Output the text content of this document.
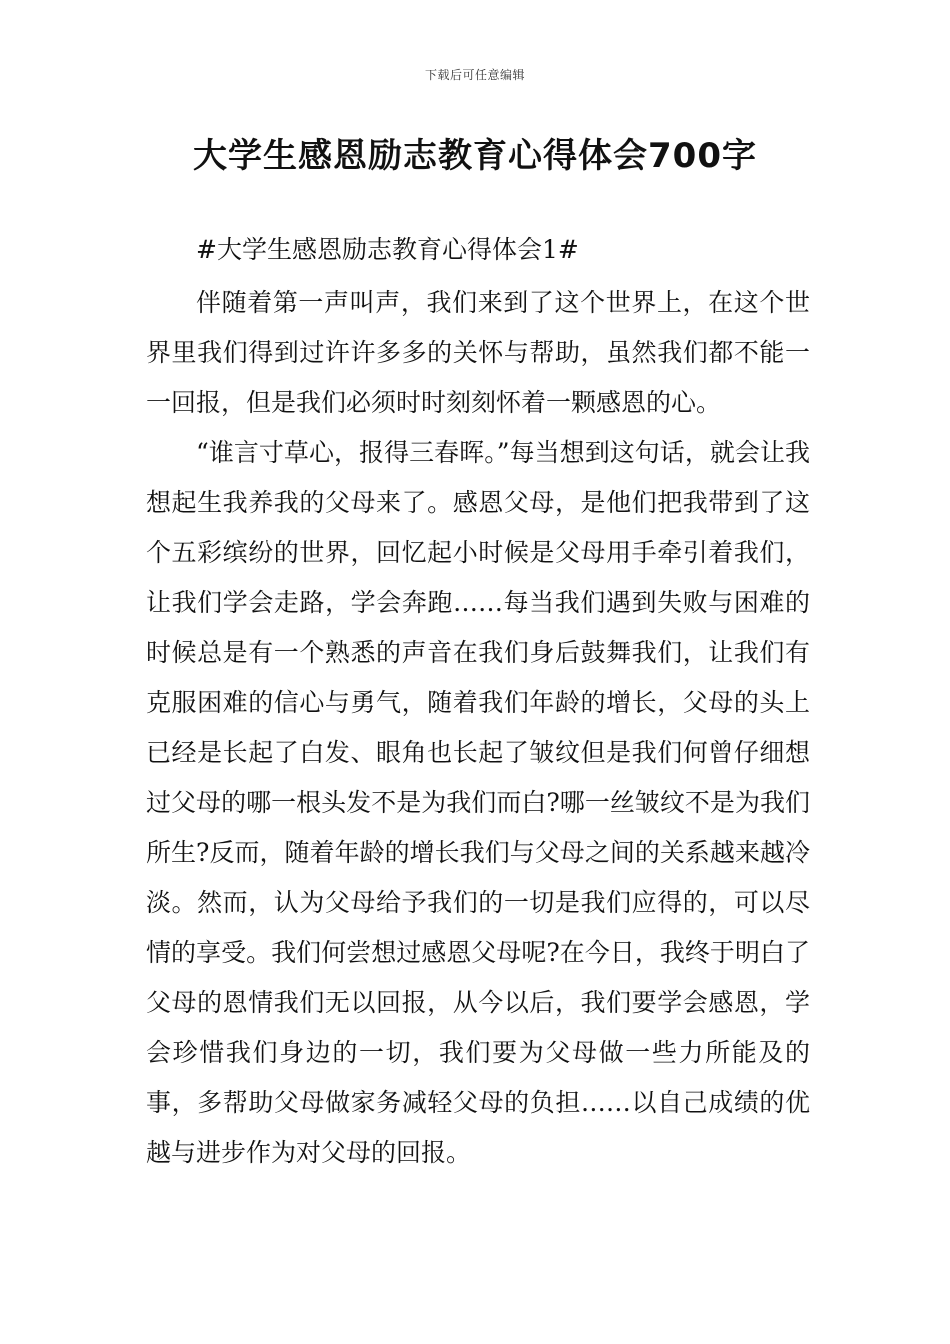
下载后可任意编辑
大学生感恩励志教育心得体会700字
#大学生感恩励志教育心得体会1#

伴随着第一声叫声，我们来到了这个世界上，在这个世界里我们得到过许许多多的关怀与帮助，虽然我们都不能一一回报，但是我们必须时时刻刻怀着一颗感恩的心。

“谁言寸草心，报得三春晖。”每当想到这句话，就会让我想起生我养我的父母来了。感恩父母，是他们把我带到了这个五彩缤纷的世界，回忆起小时候是父母用手牵引着我们，让我们学会走路，学会奔跑……每当我们遇到失败与困难的时候总是有一个熟悉的声音在我们身后鼓舞我们，让我们有克服困难的信心与勇气，随着我们年龄的增长，父母的头上已经是长起了白发、眼角也长起了皱纹但是我们何曾仔细想过父母的哪一根头发不是为我们而白?哪一丝皱纹不是为我们所生?反而，随着年龄的增长我们与父母之间的关系越来越冷淡。然而，认为父母给予我们的一切是我们应得的，可以尽情的享受。我们何尝想过感恩父母呢?在今日，我终于明白了父母的恩情我们无以回报，从今以后，我们要学会感恩，学会珍惜我们身边的一切，我们要为父母做一些力所能及的事，多帮助父母做家务减轻父母的负担……以自己成绩的优越与进步作为对父母的回报。
